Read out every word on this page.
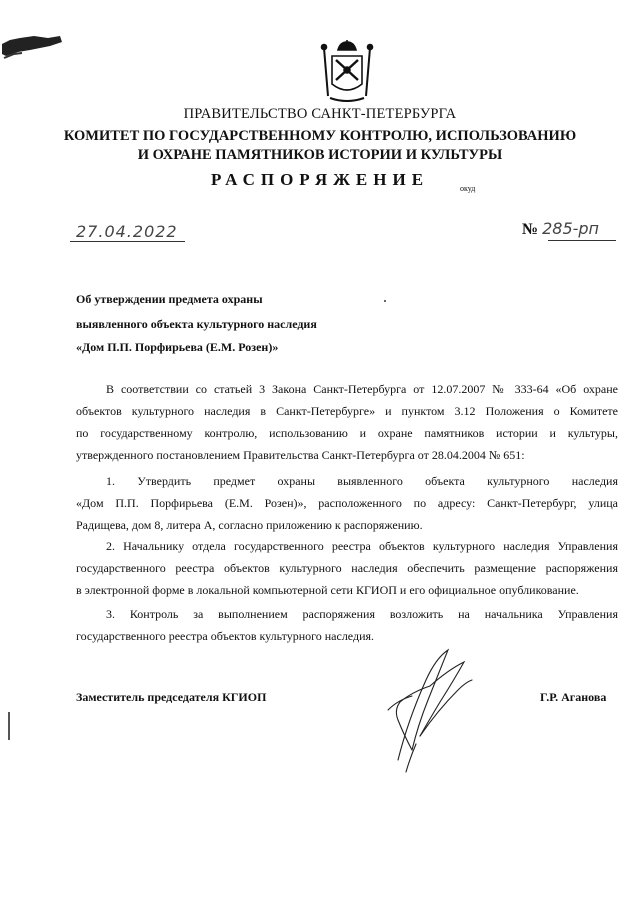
ПРАВИТЕЛЬСТВО САНКТ-ПЕТЕРБУРГА
КОМИТЕТ ПО ГОСУДАРСТВЕННОМУ КОНТРОЛЮ, ИСПОЛЬЗОВАНИЮ
И ОХРАНЕ ПАМЯТНИКОВ ИСТОРИИ И КУЛЬТУРЫ
РАСПОРЯЖЕНИЕ	окуд
27.04.2022	№ 285-рп
Об утверждении предмета охраны
выявленного объекта культурного наследия
«Дом П.П. Порфирьева (Е.М. Розен)»
В соответствии со статьей 3 Закона Санкт-Петербурга от 12.07.2007 № 333-64 «Об охране
объектов культурного наследия в Санкт-Петербурге» и пунктом 3.12 Положения о Комитете
по государственному контролю, использованию и охране памятников истории и культуры,
утвержденного постановлением Правительства Санкт-Петербурга от 28.04.2004 № 651:
1. Утвердить предмет охраны выявленного объекта культурного наследия
«Дом П.П. Порфирьева (Е.М. Розен)», расположенного по адресу: Санкт-Петербург, улица
Радищева, дом 8, литера А, согласно приложению к распоряжению.
2. Начальнику отдела государственного реестра объектов культурного наследия Управления
государственного реестра объектов культурного наследия обеспечить размещение распоряжения
в электронной форме в локальной компьютерной сети КГИОП и его официальное опубликование.
3. Контроль за выполнением распоряжения возложить на начальника Управления
государственного реестра объектов культурного наследия.
Заместитель председателя КГИОП	Г.Р. Аганова
